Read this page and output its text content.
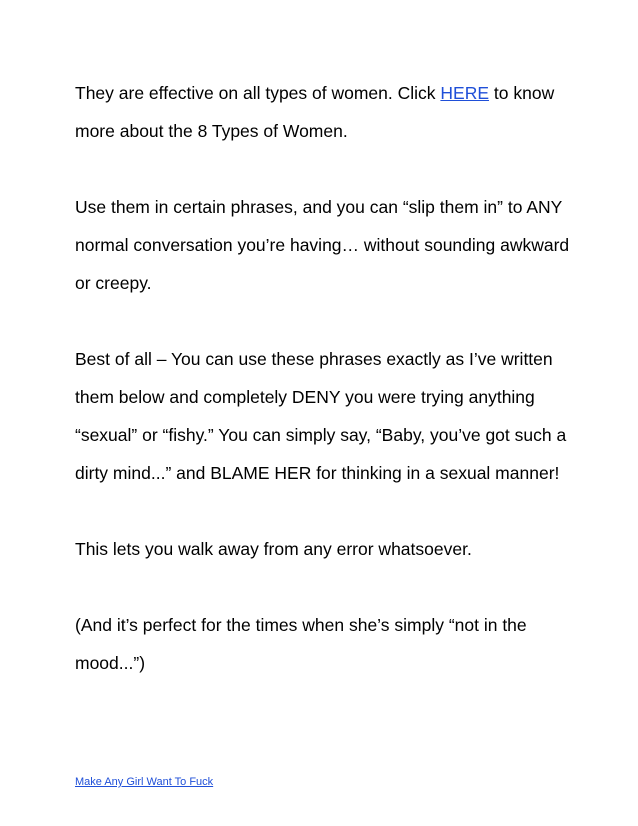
They are effective on all types of women. Click HERE to know more about the 8 Types of Women.

Use them in certain phrases, and you can “slip them in” to ANY normal conversation you’re having… without sounding awkward or creepy.

Best of all – You can use these phrases exactly as I’ve written them below and completely DENY you were trying anything “sexual” or “fishy.” You can simply say, “Baby, you’ve got such a dirty mind...” and BLAME HER for thinking in a sexual manner!

This lets you walk away from any error whatsoever.

(And it’s perfect for the times when she’s simply “not in the mood...”)

Make Any Girl Want To Fuck
